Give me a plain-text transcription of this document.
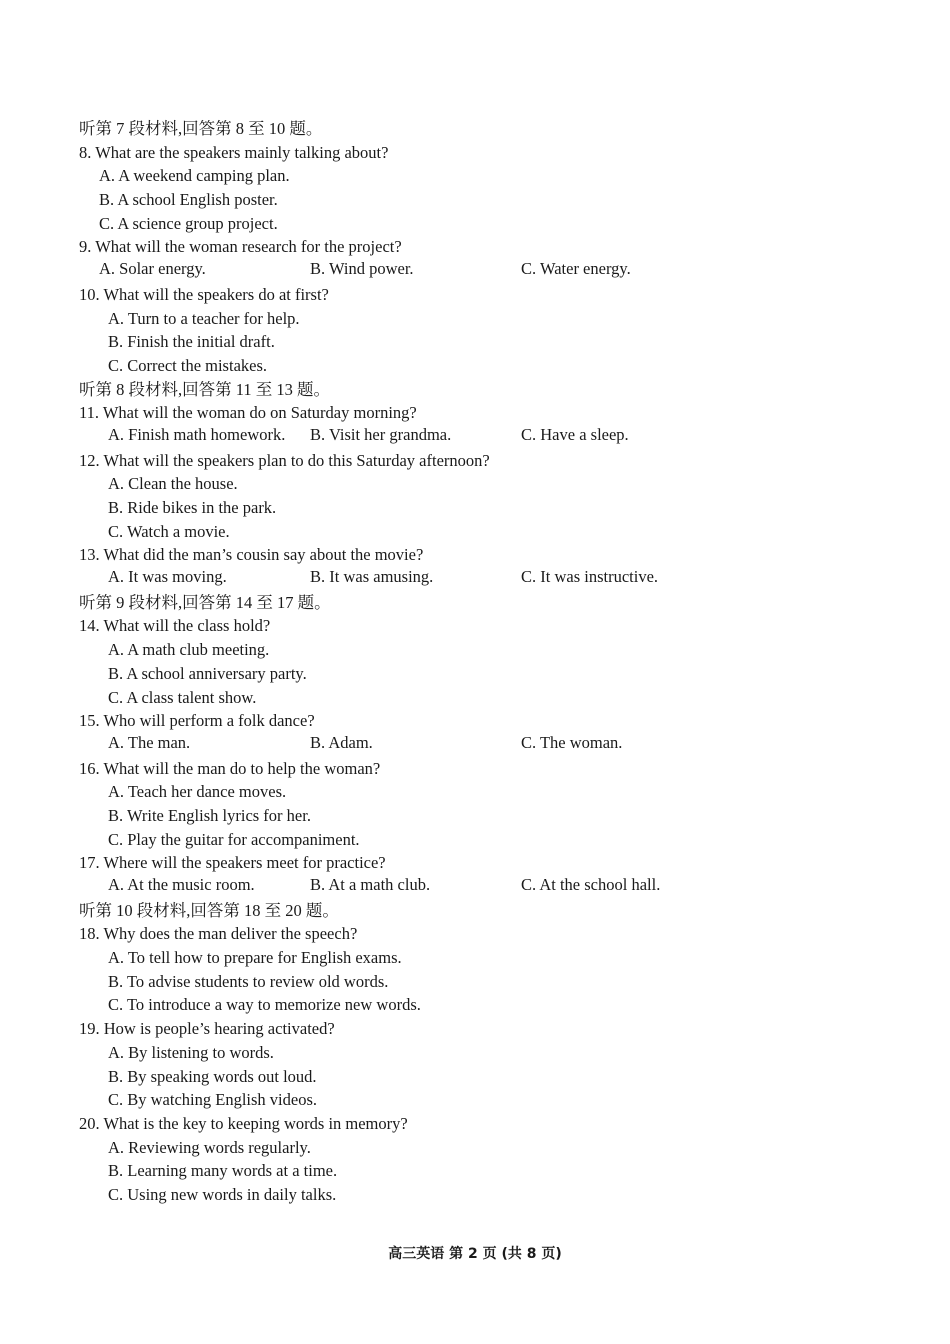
听第 7 段材料,回答第 8 至 10 题。
8. What are the speakers mainly talking about?
A. A weekend camping plan.
B. A school English poster.
C. A science group project.
9. What will the woman research for the project?
A. Solar energy.	B. Wind power.	C. Water energy.
10. What will the speakers do at first?
A. Turn to a teacher for help.
B. Finish the initial draft.
C. Correct the mistakes.
听第 8 段材料,回答第 11 至 13 题。
11. What will the woman do on Saturday morning?
A. Finish math homework. B. Visit her grandma.	C. Have a sleep.
12. What will the speakers plan to do this Saturday afternoon?
A. Clean the house.
B. Ride bikes in the park.
C. Watch a movie.
13. What did the man’s cousin say about the movie?
A. It was moving.	B. It was amusing.	C. It was instructive.
听第 9 段材料,回答第 14 至 17 题。
14. What will the class hold?
A. A math club meeting.
B. A school anniversary party.
C. A class talent show.
15. Who will perform a folk dance?
A. The man.	B. Adam.	C. The woman.
16. What will the man do to help the woman?
A. Teach her dance moves.
B. Write English lyrics for her.
C. Play the guitar for accompaniment.
17. Where will the speakers meet for practice?
A. At the music room.	B. At a math club.	C. At the school hall.
听第 10 段材料,回答第 18 至 20 题。
18. Why does the man deliver the speech?
A. To tell how to prepare for English exams.
B. To advise students to review old words.
C. To introduce a way to memorize new words.
19. How is people’s hearing activated?
A. By listening to words.
B. By speaking words out loud.
C. By watching English videos.
20. What is the key to keeping words in memory?
A. Reviewing words regularly.
B. Learning many words at a time.
C. Using new words in daily talks.
高三英语 第 2 页 (共 8 页)
